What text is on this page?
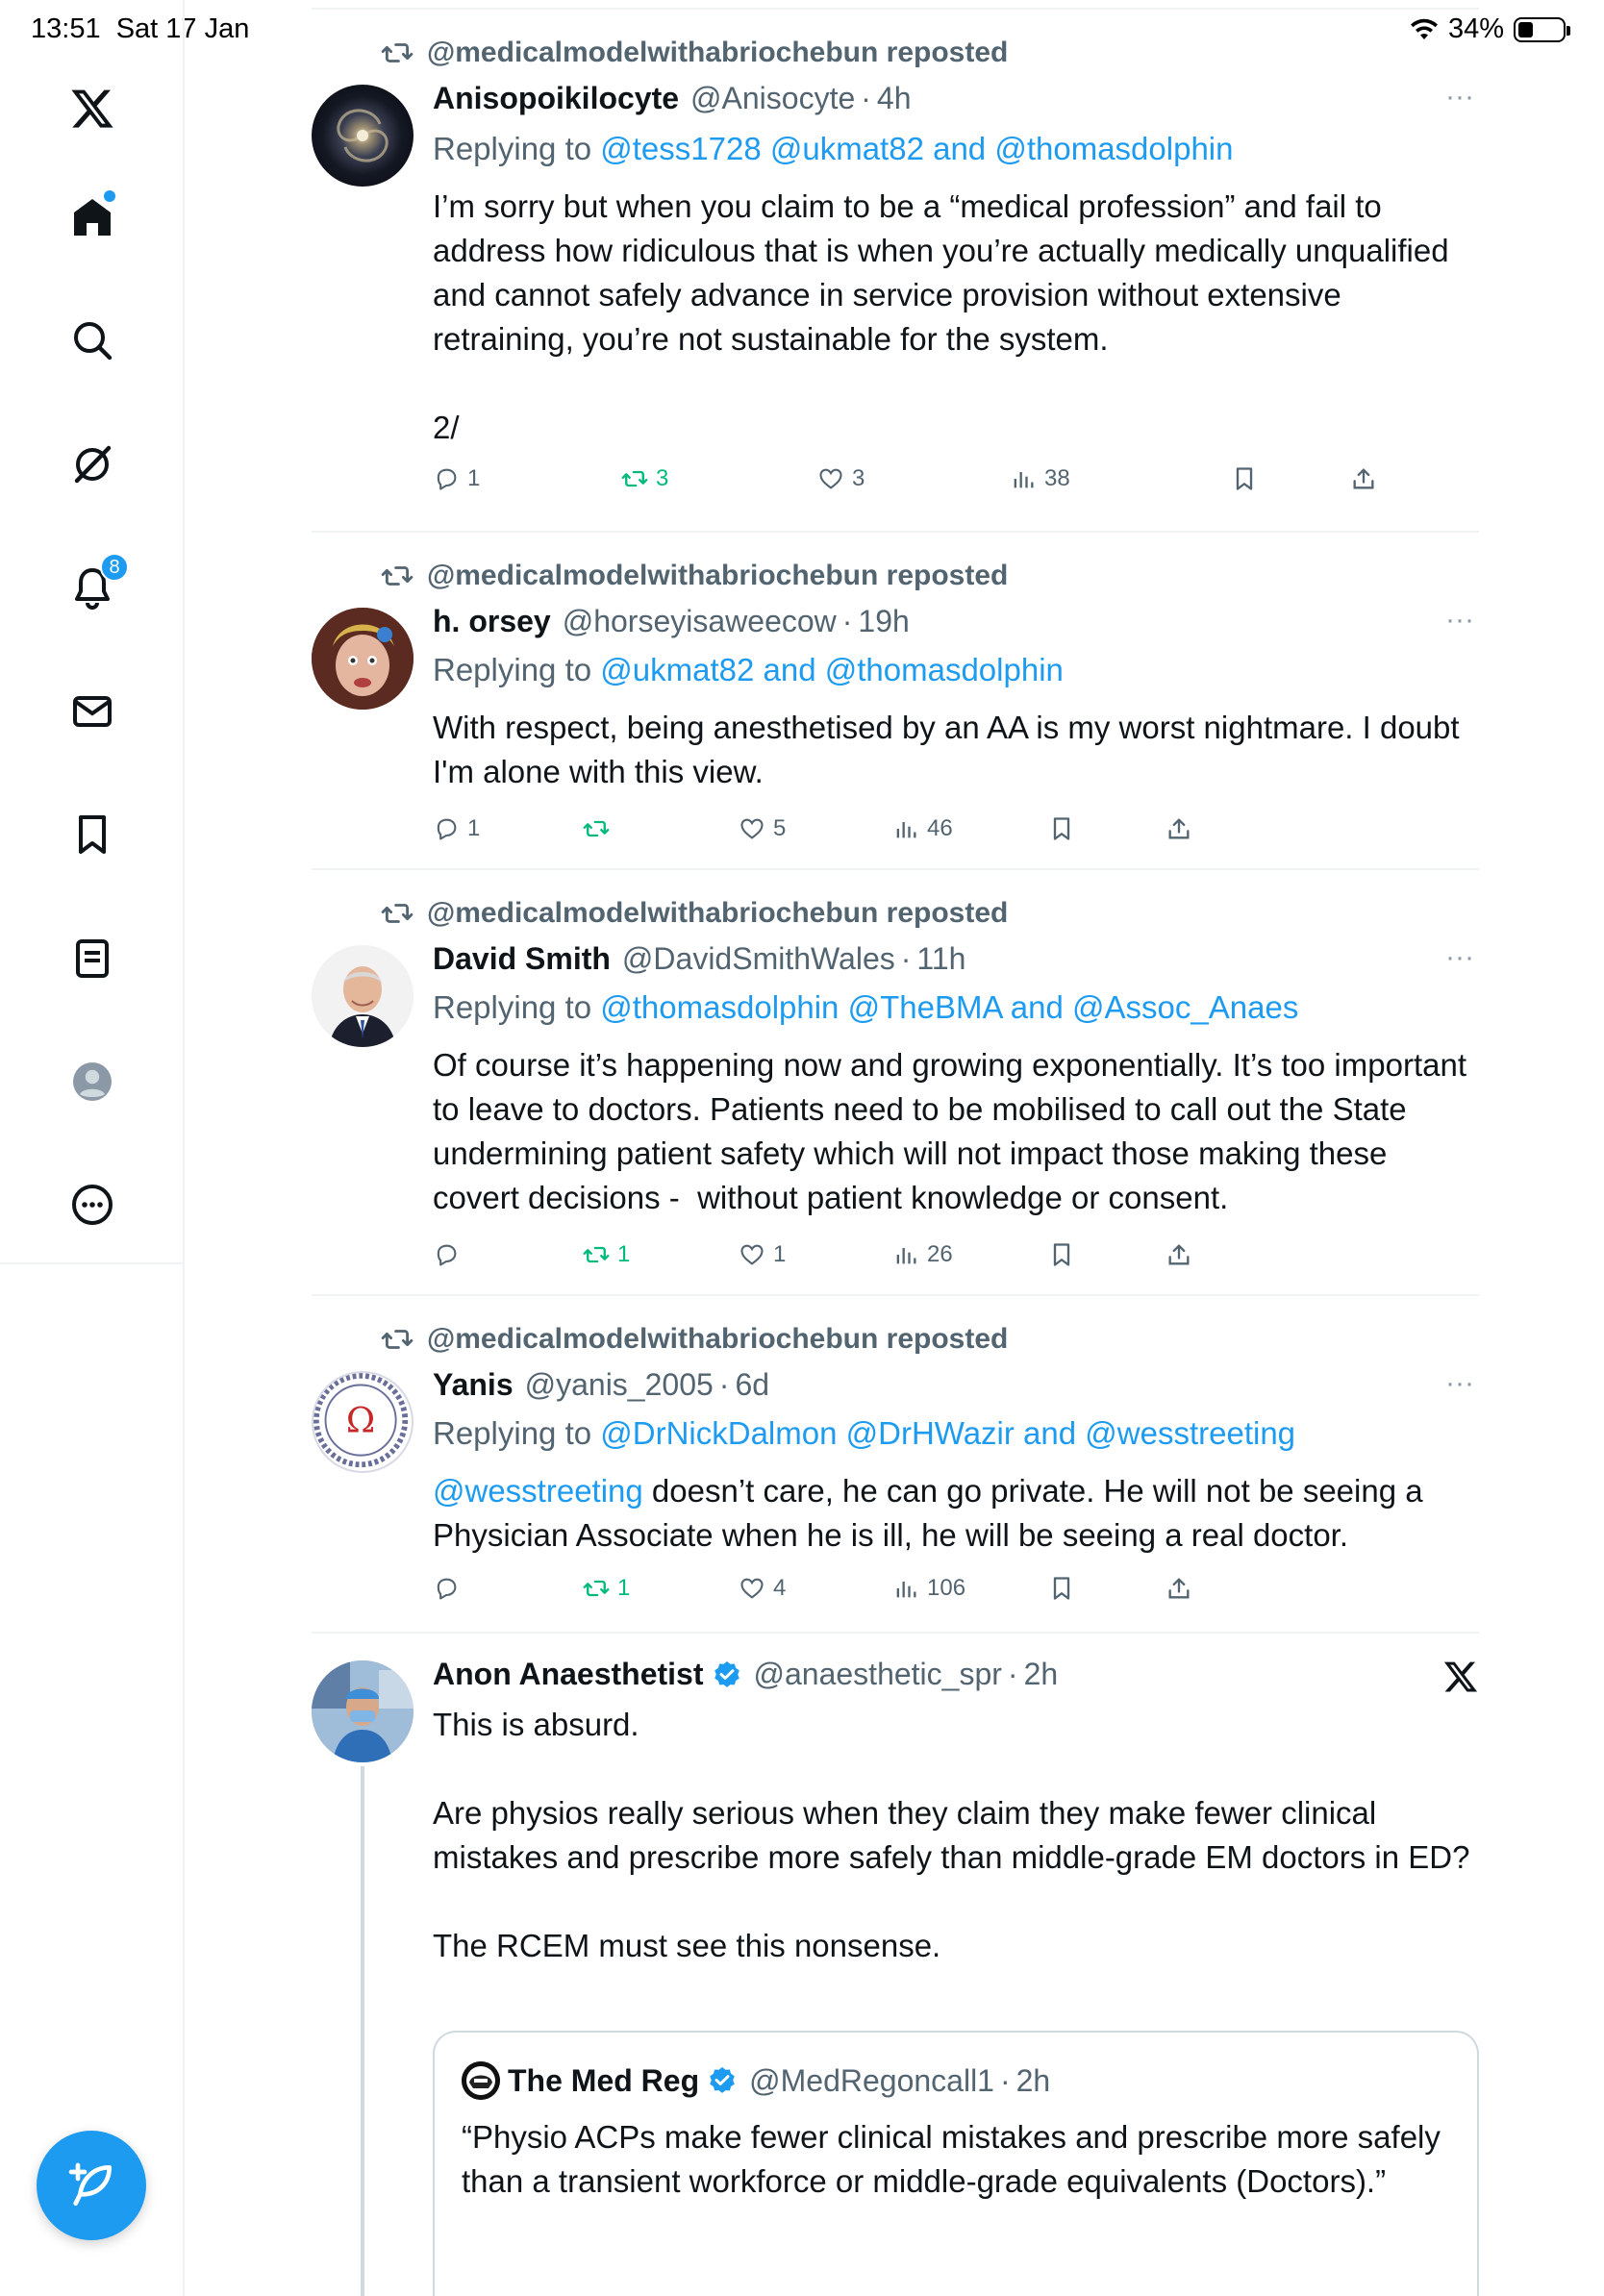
13:51 Sat 17 Jan	34%
8
@medicalmodelwithabriochebun reposted
Anisopoikilocyte @Anisocyte · 4h	···
Replying to @tess1728 @ukmat82 and @thomasdolphin
I’m sorry but when you claim to be a “medical profession” and fail to address how ridiculous that is when you’re actually medically unqualified and cannot safely advance in service provision without extensive retraining, you’re not sustainable for the system.

2/
1	3	3	38
@medicalmodelwithabriochebun reposted
h. orsey @horseyisaweecow · 19h	···
Replying to @ukmat82 and @thomasdolphin
With respect, being anesthetised by an AA is my worst nightmare. I doubt I'm alone with this view.
1	5	46
@medicalmodelwithabriochebun reposted
David Smith @DavidSmithWales · 11h	···
Replying to @thomasdolphin @TheBMA and @Assoc_Anaes
Of course it’s happening now and growing exponentially. It’s too important to leave to doctors. Patients need to be mobilised to call out the State undermining patient safety which will not impact those making these covert decisions -  without patient knowledge or consent.
1	1	26
@medicalmodelwithabriochebun reposted
Ω
Yanis @yanis_2005 · 6d	···
Replying to @DrNickDalmon @DrHWazir and @wesstreeting
@wesstreeting doesn’t care, he can go private. He will not be seeing a Physician Associate when he is ill, he will be seeing a real doctor.
1	4	106
Anon Anaesthetist @anaesthetic_spr · 2h
This is absurd.

Are physios really serious when they claim they make fewer clinical mistakes and prescribe more safely than middle-grade EM doctors in ED?

The RCEM must see this nonsense.
The Med Reg @MedRegoncall1 · 2h
“Physio ACPs make fewer clinical mistakes and prescribe more safely than a transient workforce or middle-grade equivalents (Doctors).”
